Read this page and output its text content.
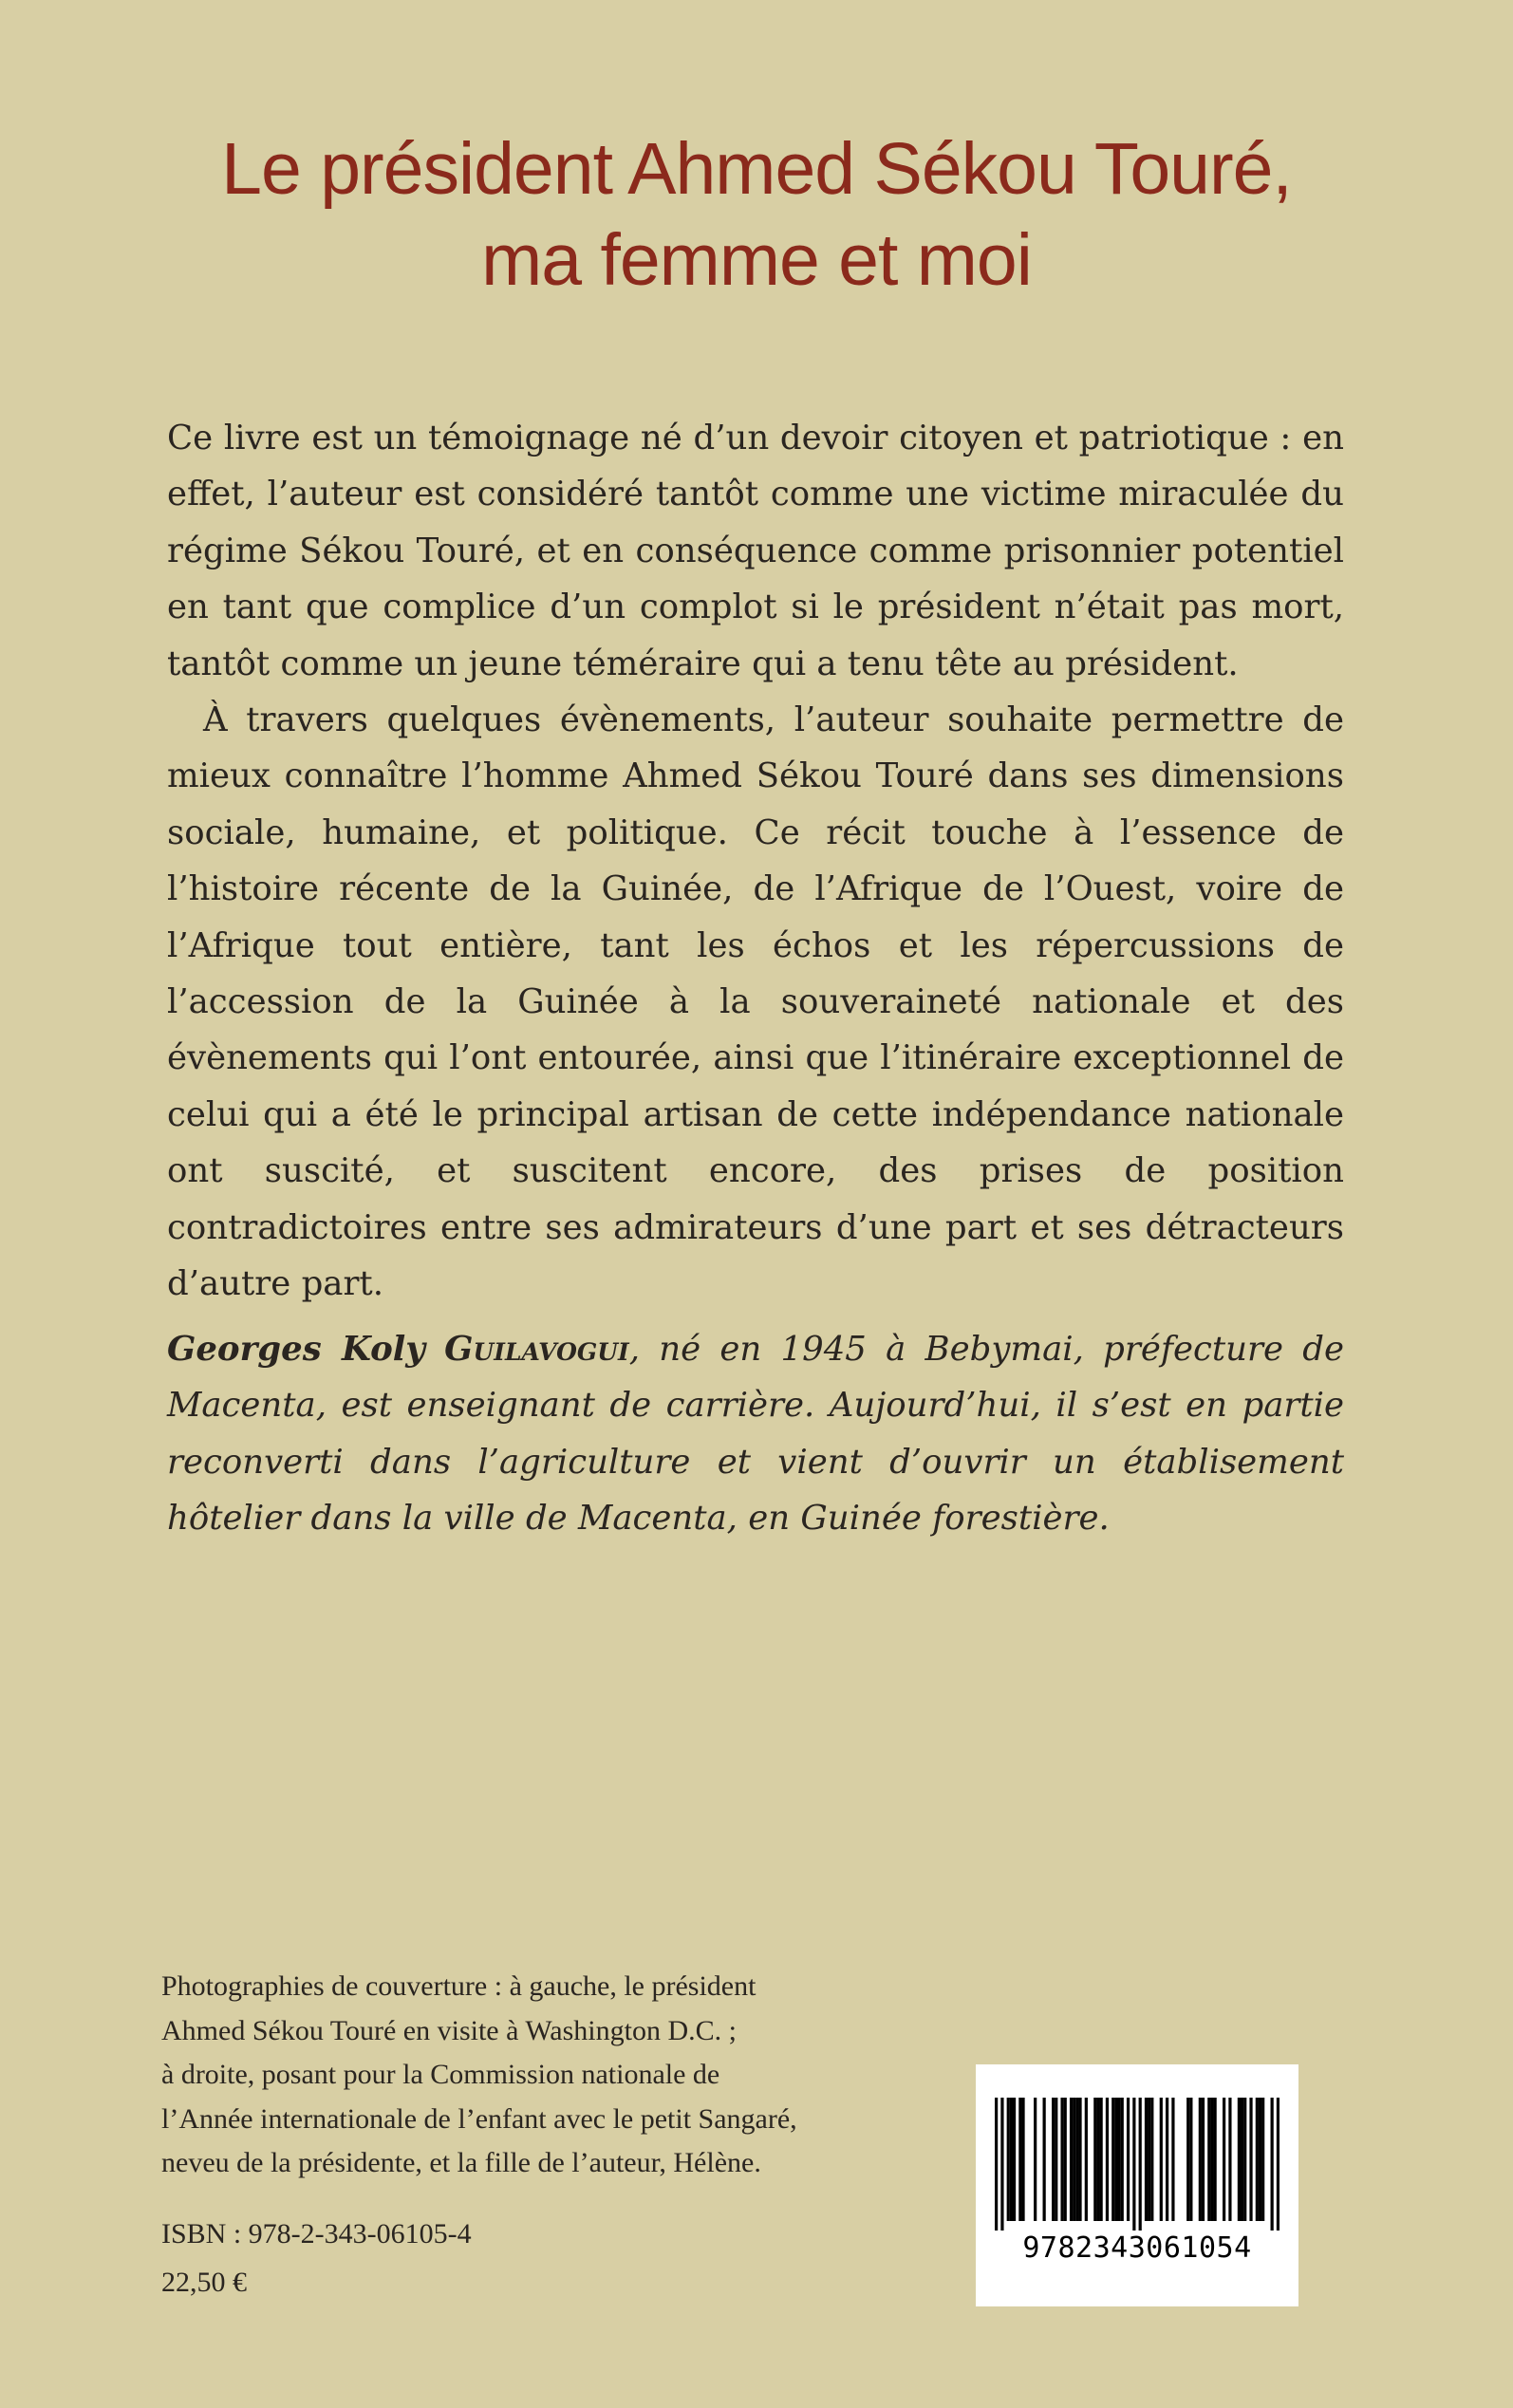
Le président Ahmed Sékou Touré,
ma femme et moi

Ce livre est un témoignage né d’un devoir citoyen et patriotique : en effet, l’auteur est considéré tantôt comme une victime miraculée du régime Sékou Touré, et en conséquence comme prisonnier potentiel en tant que complice d’un complot si le président n’était pas mort, tantôt comme un jeune téméraire qui a tenu tête au président.

À travers quelques évènements, l’auteur souhaite permettre de mieux connaître l’homme Ahmed Sékou Touré dans ses dimensions sociale, humaine, et politique. Ce récit touche à l’essence de l’histoire récente de la Guinée, de l’Afrique de l’Ouest, voire de l’Afrique tout entière, tant les échos et les répercussions de l’accession de la Guinée à la souveraineté nationale et des évènements qui l’ont entourée, ainsi que l’itinéraire exceptionnel de celui qui a été le principal artisan de cette indépendance nationale ont suscité, et suscitent encore, des prises de position contradictoires entre ses admirateurs d’une part et ses détracteurs d’autre part.

Georges Koly Guilavogui, né en 1945 à Bebymai, préfecture de Macenta, est enseignant de carrière. Aujourd’hui, il s’est en partie reconverti dans l’agriculture et vient d’ouvrir un établisement hôtelier dans la ville de Macenta, en Guinée forestière.

Photographies de couverture : à gauche, le président
Ahmed Sékou Touré en visite à Washington D.C. ;
à droite, posant pour la Commission nationale de
l’Année internationale de l’enfant avec le petit Sangaré,
neveu de la présidente, et la fille de l’auteur, Hélène.

ISBN : 978-2-343-06105-4
22,50 €
9782343061054
